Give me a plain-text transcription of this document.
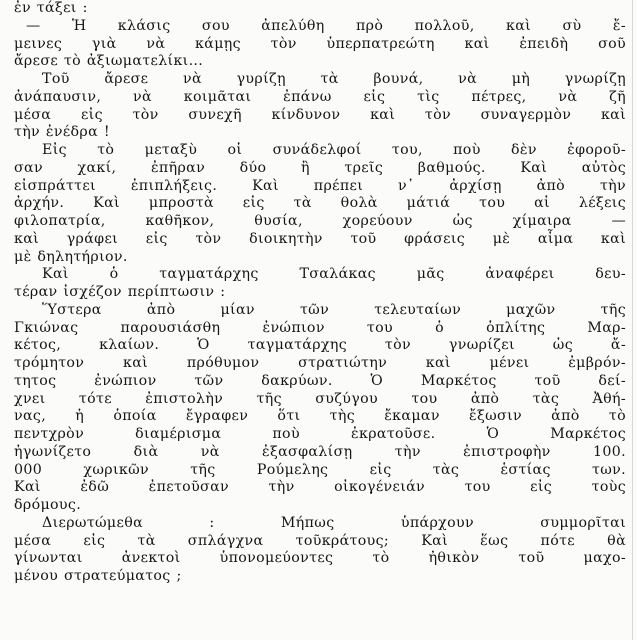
ἐν τάξει :
— Ἡ κλάσις σου ἀπελύθη πρὸ πολλοῦ, καὶ σὺ ἔ-
μεινες γιὰ νὰ κάμῃς τὸν ὑπερπατρεώτη καὶ ἐπειδὴ σοῦ
ἄρεσε τὸ ἀξιωματελίκι...
Τοῦ ἄρεσε νὰ γυρίζῃ τὰ βουνά, νὰ μὴ γνωρίζῃ
ἀνάπαυσιν, νὰ κοιμᾶται ἐπάνω εἰς τὶς πέτρες, νὰ ζῆ
μέσα εἰς τὸν συνεχῆ κίνδυνον καὶ τὸν συναγερμὸν καὶ
τὴν ἐνέδρα !
Εἰς τὸ μεταξὺ οἱ συνάδελφοί του, ποὺ δὲν ἐφοροῦ-
σαν χακί, ἐπῆραν δύο ἢ τρεῖς βαθμούς. Καὶ αὐτὸς
εἰσπράττει ἐπιπλήξεις. Καὶ πρέπει ν᾿ ἀρχίσῃ ἀπὸ τὴν
ἀρχήν. Καὶ μπροστὰ εἰς τὰ θολὰ μάτιά του αἱ λέξεις
φιλοπατρία, καθῆκον, θυσία, χορεύουν ὡς χίμαιρα —
καὶ γράφει εἰς τὸν διοικητὴν τοῦ φράσεις μὲ αἷμα καὶ
μὲ δηλητήριον.
Καὶ ὁ ταγματάρχης Τσαλάκας μᾶς ἀναφέρει δευ-
τέραν ἰσχέζον περίπτωσιν :
Ὕστερα ἀπὸ μίαν τῶν τελευταίων μαχῶν τῆς
Γκιώνας παρουσιάσθη ἐνώπιον του ὁ ὁπλίτης Μαρ-
κέτος, κλαίων. Ὁ ταγματάρχης τὸν γνωρίζει ὡς ἄ-
τρόμητον καὶ πρόθυμον στρατιώτην καὶ μένει ἐμβρόν-
τητος ἐνώπιον τῶν δακρύων. Ὁ Μαρκέτος τοῦ δεί-
χνει τότε ἐπιστολὴν τῆς συζύγου του ἀπὸ τὰς Ἀθή-
νας, ἡ ὁποία ἔγραφεν ὅτι τὴς ἔκαμαν ἔξωσιν ἀπὸ τὸ
πεντχρὸν διαμέρισμα ποὺ ἐκρατοῦσε. Ὁ Μαρκέτος
ἠγωνίζετο διὰ νὰ ἐξασφαλίσῃ τὴν ἐπιστροφὴν 100.
000 χωρικῶν τῆς Ρούμελης εἰς τὰς ἑστίας των.
Καὶ ἐδῶ ἐπετοῦσαν τὴν οἰκογένειάν του εἰς τοὺς
δρόμους.
Διερωτώμεθα : Μήπως ὑπάρχουν συμμορῖται
μέσα εἰς τὰ σπλάγχνα τοῦκράτους; Καὶ ἕως πότε θὰ
γίνωνται ἀνεκτοὶ ὑπονομεύοντες τὸ ἠθικὸν τοῦ μαχο-
μένου στρατεύματος ;
